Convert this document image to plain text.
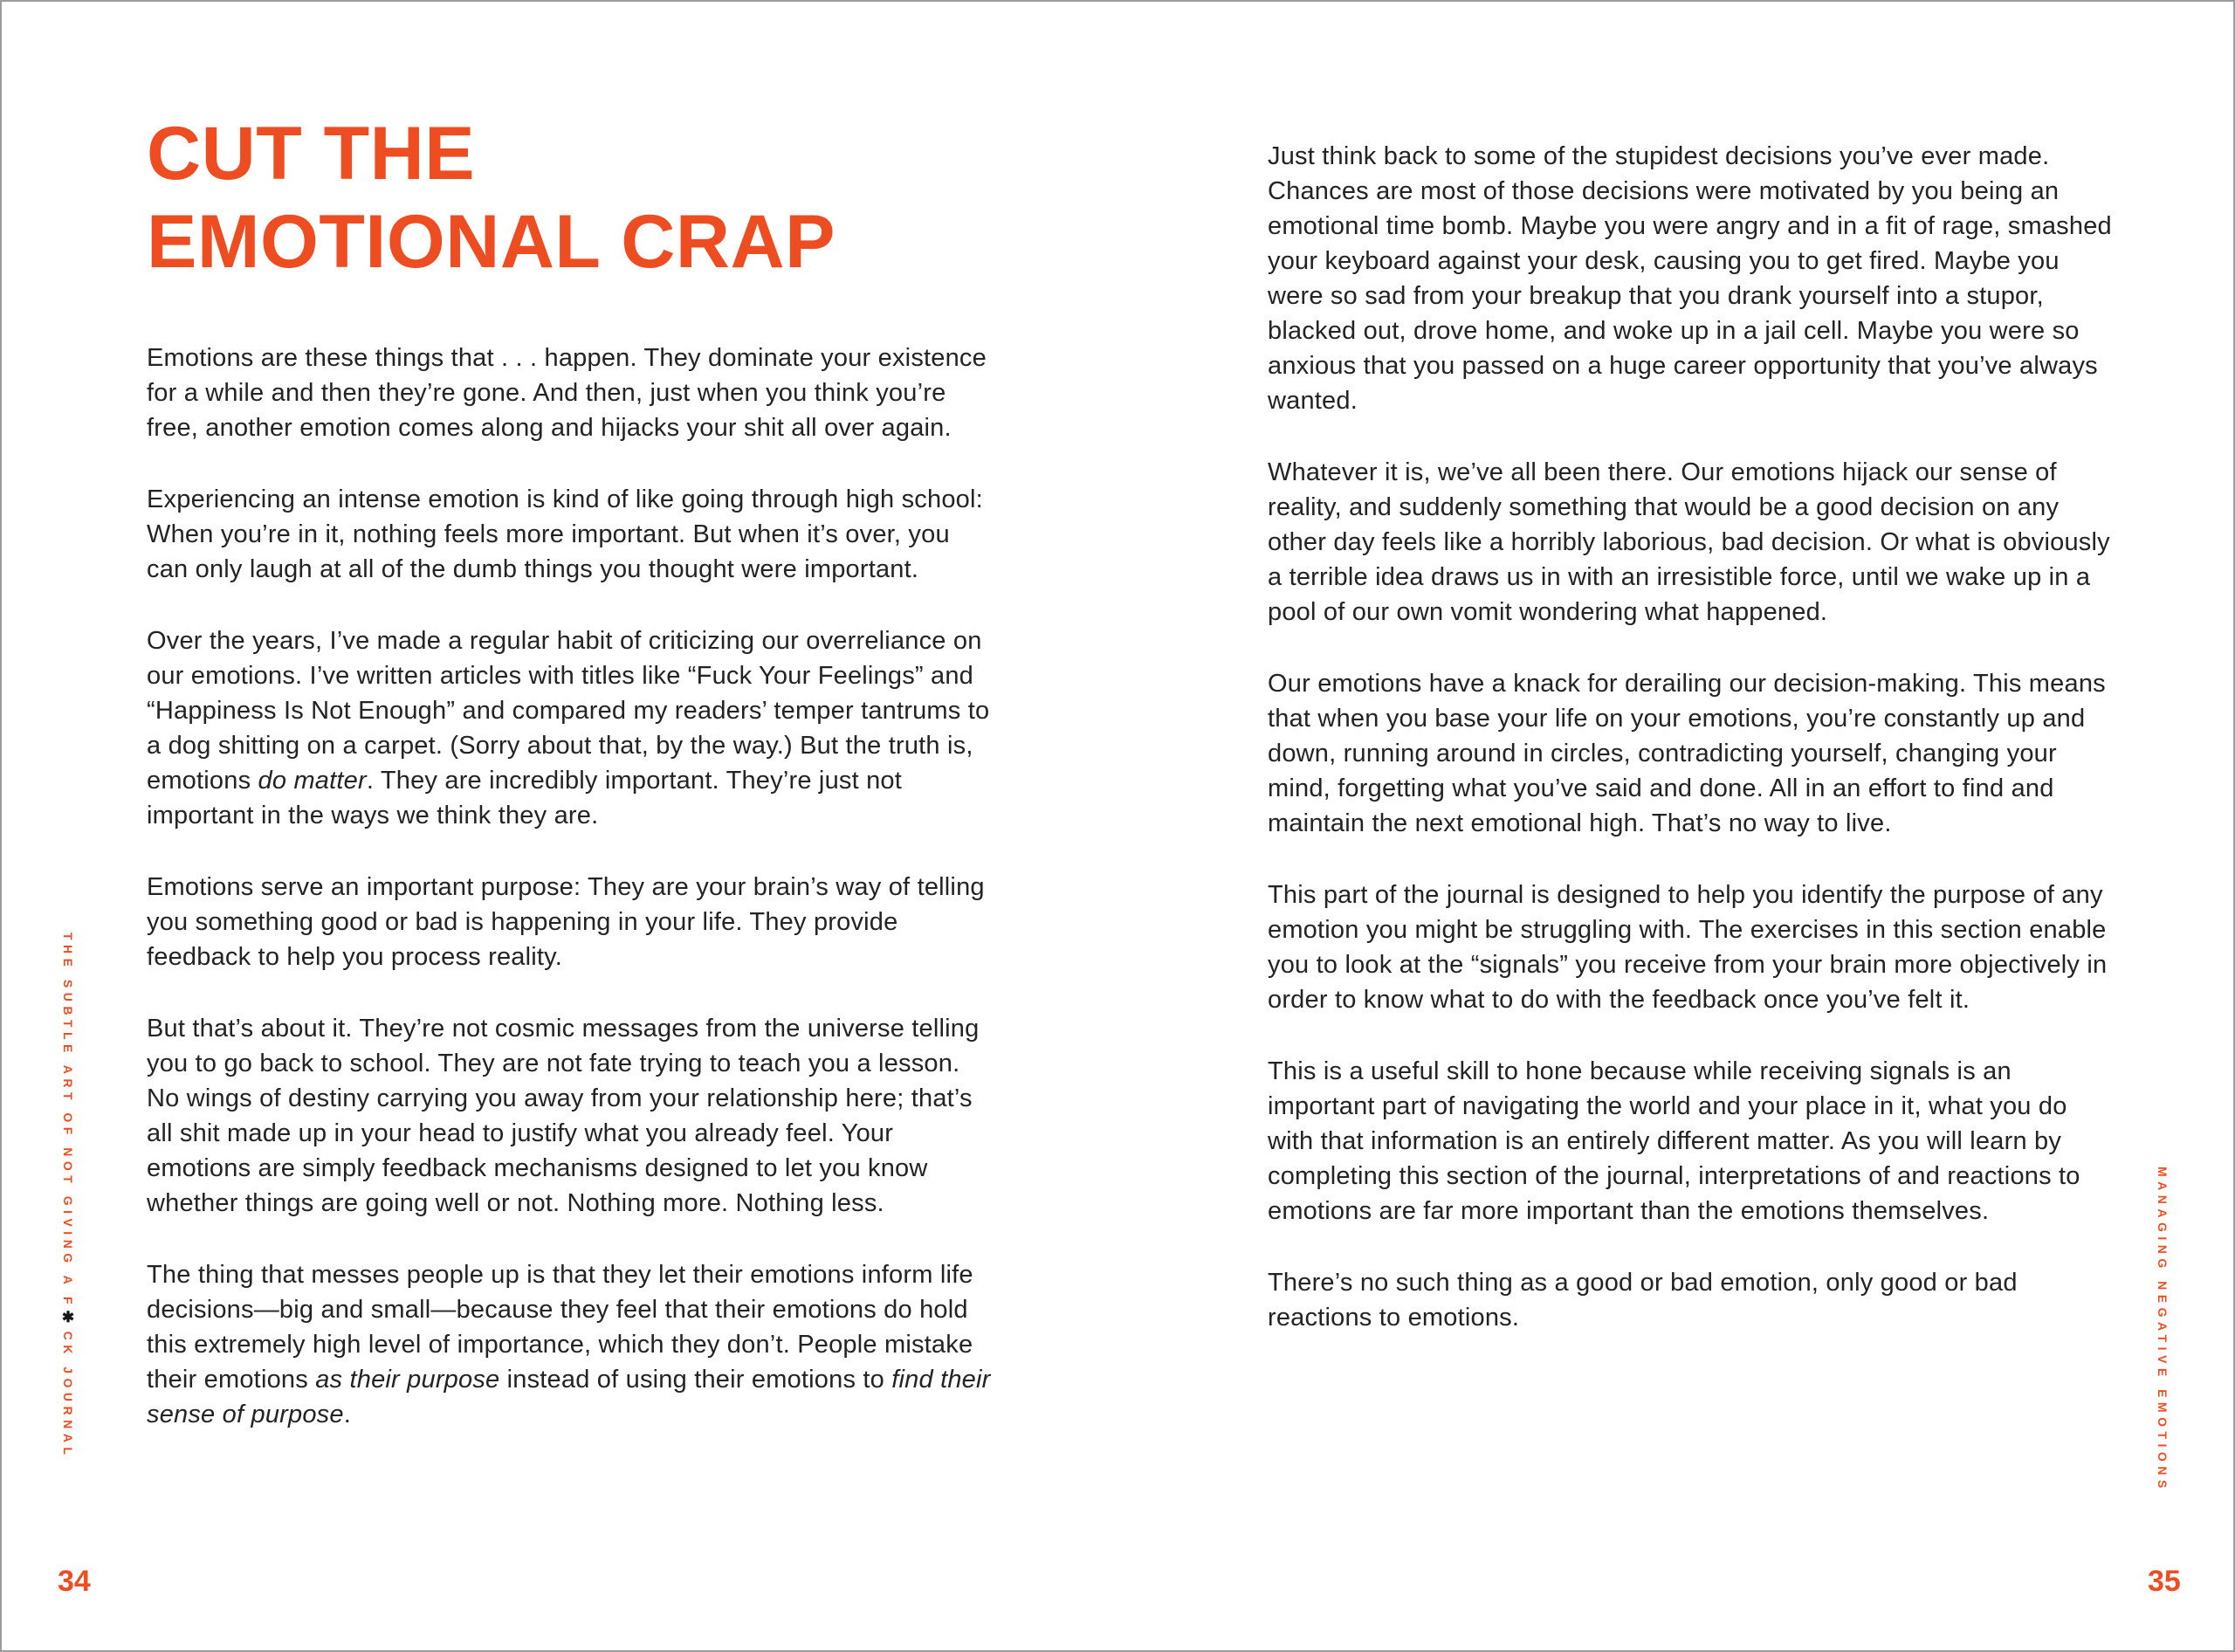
THE SUBTLE ART OF NOT GIVING A F✱CK JOURNAL
CUT THE
EMOTIONAL CRAP

Emotions are these things that . . . happen. They dominate your existence for a while and then they’re gone. And then, just when you think you’re free, another emotion comes along and hijacks your shit all over again.

Experiencing an intense emotion is kind of like going through high school: When you’re in it, nothing feels more important. But when it’s over, you can only laugh at all of the dumb things you thought were important.

Over the years, I’ve made a regular habit of criticizing our overreliance on our emotions. I’ve written articles with titles like “Fuck Your Feelings” and “Happiness Is Not Enough” and compared my readers’ temper tantrums to a dog shitting on a carpet. (Sorry about that, by the way.) But the truth is, emotions do matter. They are incredibly important. They’re just not important in the ways we think they are.

Emotions serve an important purpose: They are your brain’s way of telling you something good or bad is happening in your life. They provide feedback to help you process reality.

But that’s about it. They’re not cosmic messages from the universe telling you to go back to school. They are not fate trying to teach you a lesson. No wings of destiny carrying you away from your relationship here; that’s all shit made up in your head to justify what you already feel. Your emotions are simply feedback mechanisms designed to let you know whether things are going well or not. Nothing more. Nothing less.

The thing that messes people up is that they let their emotions inform life decisions—big and small—because they feel that their emotions do hold this extremely high level of importance, which they don’t. People mistake their emotions as their purpose instead of using their emotions to find their sense of purpose.

Just think back to some of the stupidest decisions you’ve ever made. Chances are most of those decisions were motivated by you being an emotional time bomb. Maybe you were angry and in a fit of rage, smashed your keyboard against your desk, causing you to get fired. Maybe you were so sad from your breakup that you drank yourself into a stupor, blacked out, drove home, and woke up in a jail cell. Maybe you were so anxious that you passed on a huge career opportunity that you’ve always wanted.

Whatever it is, we’ve all been there. Our emotions hijack our sense of reality, and suddenly something that would be a good decision on any other day feels like a horribly laborious, bad decision. Or what is obviously a terrible idea draws us in with an irresistible force, until we wake up in a pool of our own vomit wondering what happened.

Our emotions have a knack for derailing our decision-making. This means that when you base your life on your emotions, you’re constantly up and down, running around in circles, contradicting yourself, changing your mind, forgetting what you’ve said and done. All in an effort to find and maintain the next emotional high. That’s no way to live.

This part of the journal is designed to help you identify the purpose of any emotion you might be struggling with. The exercises in this section enable you to look at the “signals” you receive from your brain more objectively in order to know what to do with the feedback once you’ve felt it.

This is a useful skill to hone because while receiving signals is an important part of navigating the world and your place in it, what you do with that information is an entirely different matter. As you will learn by completing this section of the journal, interpretations of and reactions to emotions are far more important than the emotions themselves.

There’s no such thing as a good or bad emotion, only good or bad reactions to emotions.	MANAGING NEGATIVE EMOTIONS
34	35
